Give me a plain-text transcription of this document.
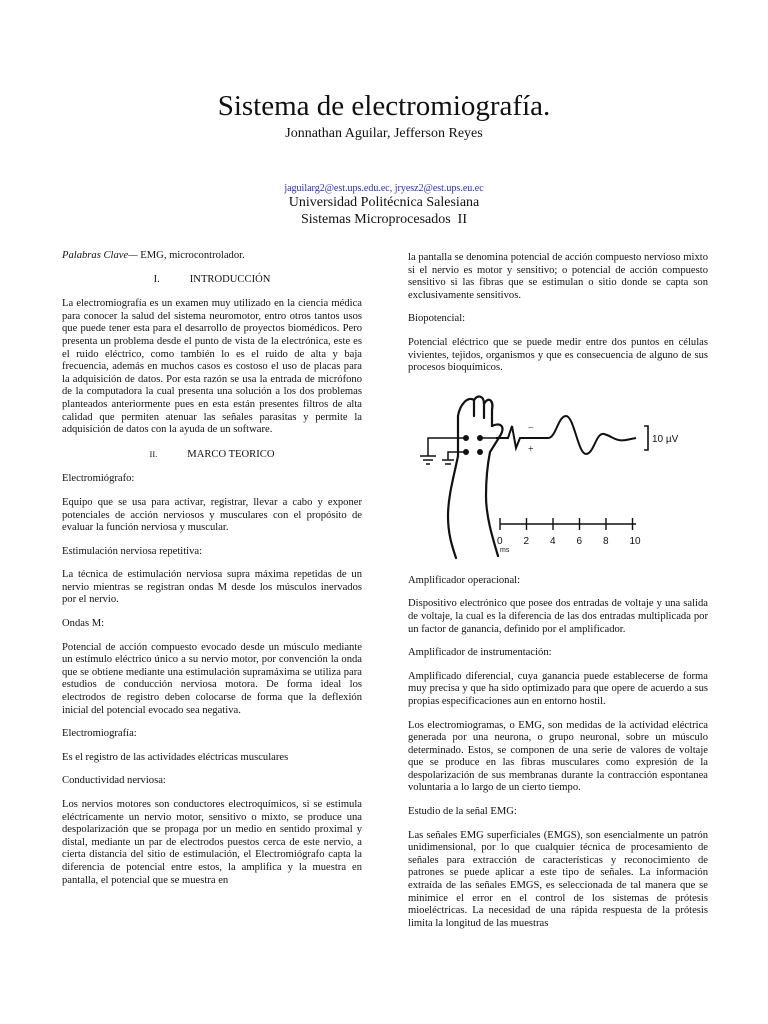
Sistema de electromiografía.
Jonnathan Aguilar, Jefferson Reyes
jaguilarg2@est.ups.edu.ec, jryesz2@est.ups.eu.ec
Universidad Politécnica Salesiana
Sistemas Microprocesados  II

Palabras Clave— EMG, microcontrolador.

I.	INTRODUCCIÓN

La electromiografía es un examen muy utilizado en la ciencia médica para conocer la salud del sistema neuromotor, entro otros tantos usos que puede tener esta para el desarrollo de proyectos biomédicos. Pero presenta un problema desde el punto de vista de la electrónica, este es el ruido eléctrico, como también lo es el ruido de alta y baja frecuencia, además en muchos casos es costoso el uso de placas para la adquisición de datos. Por esta razón se usa la entrada de micrófono de la computadora la cual presenta una solución a los dos problemas planteados anteriormente pues en esta están presentes filtros de alta calidad que permiten atenuar las señales parasitas y permite la adquisición de datos con la ayuda de un software.

II.	MARCO TEORICO

Electromiógrafo:

Equipo que se usa para activar, registrar, llevar a cabo y exponer potenciales de acción nerviosos y musculares con el propósito de evaluar la función nerviosa y muscular.

Estimulación nerviosa repetitiva:

La técnica de estimulación nerviosa supra máxima repetidas de un nervio mientras se registran ondas M desde los músculos inervados por el nervio.

Ondas M:

Potencial de acción compuesto evocado desde un músculo mediante un estímulo eléctrico único a su nervio motor, por convención la onda que se obtiene mediante una estimulación supramáxima se utiliza para estudios de conducción nerviosa motora. De forma ideal los electrodos de registro deben colocarse de forma que la deflexión inicial del potencial evocado sea negativa.

Electromiografía:

Es el registro de las actividades eléctricas musculares

Conductividad nerviosa:

Los nervios motores son conductores electroquímicos, si se estimula eléctricamente un nervio motor, sensitivo o mixto, se produce una despolarización que se propaga por un medio en sentido proximal y distal, mediante un par de electrodos puestos cerca de este nervio, a cierta distancia del sitio de estimulación, el Electromiógrafo capta la diferencia de potencial entre estos, la amplifica y la muestra en pantalla, el potencial que se muestra en

la pantalla se denomina potencial de acción compuesto nervioso mixto si el nervio es motor y sensitivo; o potencial de acción compuesto sensitivo si las fibras que se estimulan o sitio donde se capta son exclusivamente sensitivos.

Biopotencial:

Potencial eléctrico que se puede medir entre dos puntos en células vivientes, tejidos, organismos y que es consecuencia de alguno de sus procesos bioquímicos.

−
+
10 µV
0 2 4 6 8 10
ms

Amplificador operacional:

Dispositivo electrónico que posee dos entradas de voltaje y una salida de voltaje, la cual es la diferencia de las dos entradas multiplicada por un factor de ganancia, definido por el amplificador.

Amplificador de instrumentación:

Amplificado diferencial, cuya ganancia puede establecerse de forma muy precisa y que ha sido optimizado para que opere de acuerdo a sus propias especificaciones aun en entorno hostil.

Los electromiogramas, o EMG, son medidas de la actividad eléctrica generada por una neurona, o grupo neuronal, sobre un músculo determinado. Estos, se componen de una serie de valores de voltaje que se produce en las fibras musculares como expresión de la despolarización de sus membranas durante la contracción espontanea voluntaria a lo largo de un cierto tiempo.

Estudio de la señal EMG:

Las señales EMG superficiales (EMGS), son esencialmente un patrón unidimensional, por lo que cualquier técnica de procesamiento de señales para extracción de características y reconocimiento de patrones se puede aplicar a este tipo de señales. La información extraída de las señales EMGS, es seleccionada de tal manera que se minimice el error en el control de los sistemas de prótesis mioeléctricas. La necesidad de una rápida respuesta de la prótesis limita la longitud de las muestras
